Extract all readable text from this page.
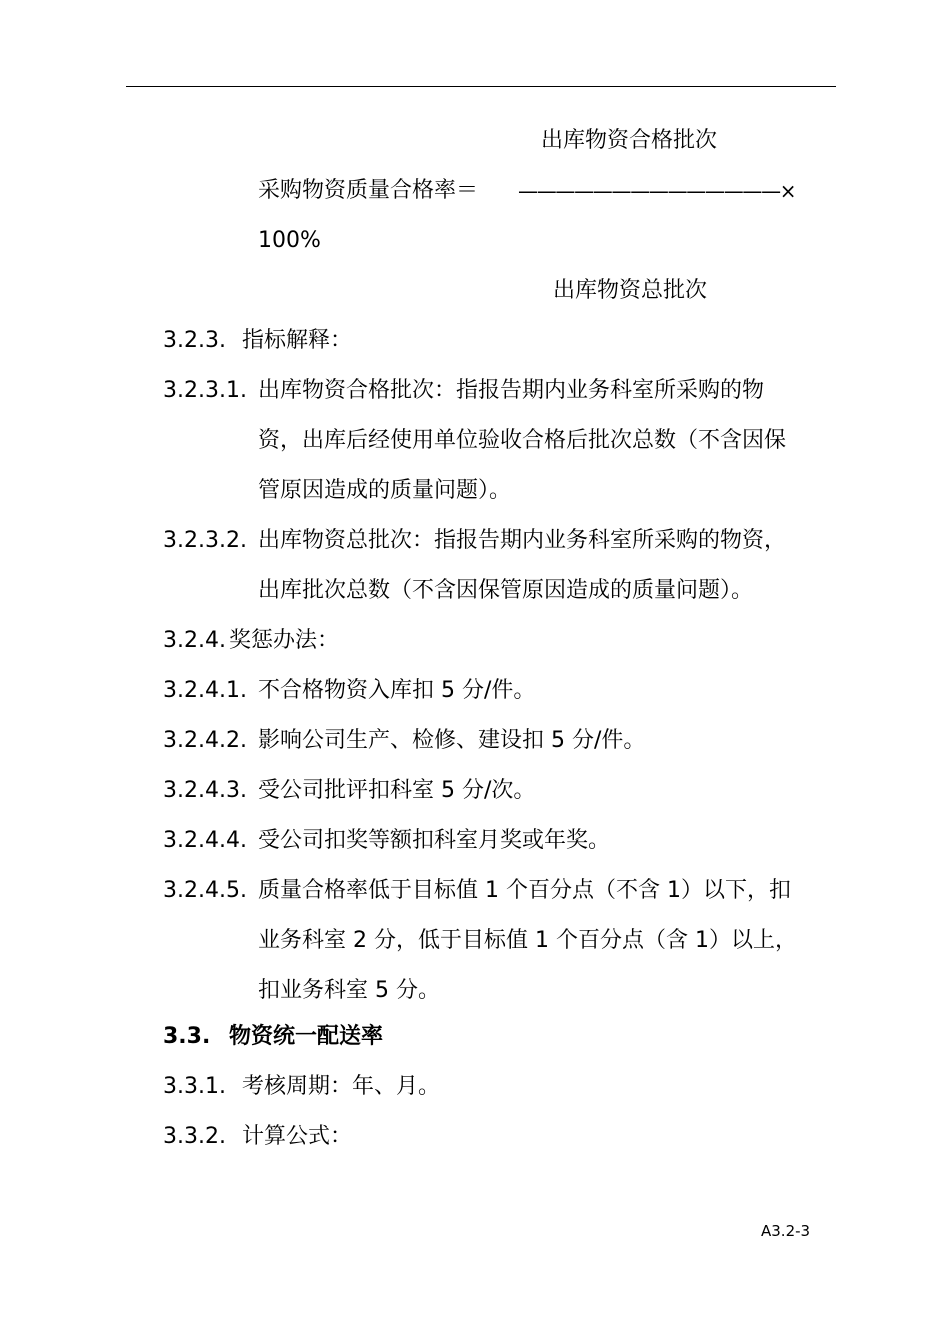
出库物资合格批次
采购物资质量合格率＝ ——————————————×
100%
出库物资总批次
3.2.3. 指标解释：
3.2.3.1. 出库物资合格批次：指报告期内业务科室所采购的物
资，出库后经使用单位验收合格后批次总数（不含因保
管原因造成的质量问题）。
3.2.3.2. 出库物资总批次：指报告期内业务科室所采购的物资，
出库批次总数（不含因保管原因造成的质量问题）。
3.2.4. 奖惩办法：
3.2.4.1. 不合格物资入库扣 5 分/件。
3.2.4.2. 影响公司生产、检修、建设扣 5 分/件。
3.2.4.3. 受公司批评扣科室 5 分/次。
3.2.4.4. 受公司扣奖等额扣科室月奖或年奖。
3.2.4.5. 质量合格率低于目标值 1 个百分点（不含 1）以下，扣
业务科室 2 分，低于目标值 1 个百分点（含 1）以上，
扣业务科室 5 分。
3.3. 物资统一配送率
3.3.1. 考核周期：年、月。
3.3.2. 计算公式：
A3.2-3
